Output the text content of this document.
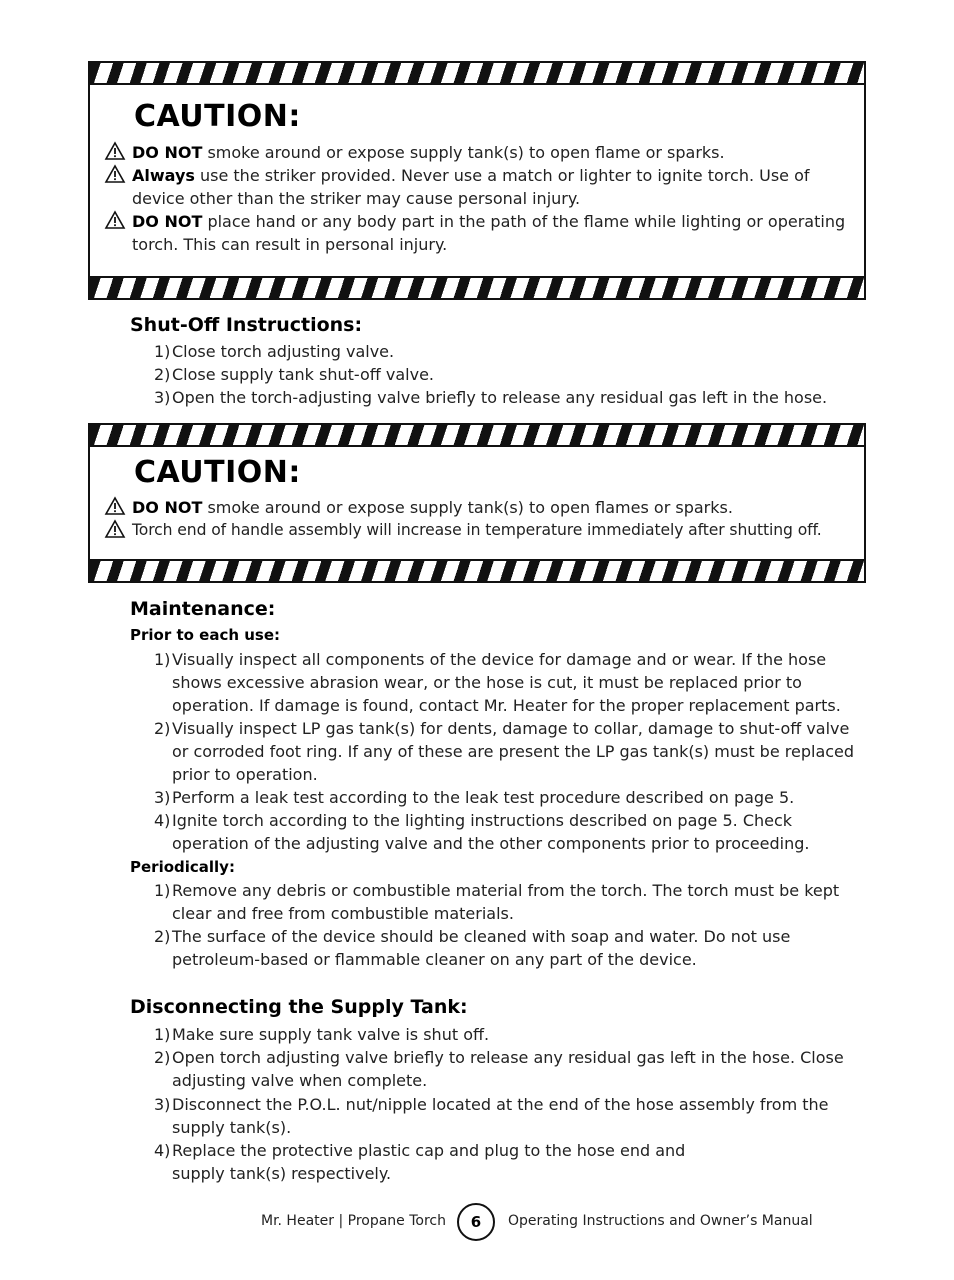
CAUTION:
DO NOT smoke around or expose supply tank(s) to open flame or sparks.
Always use the striker provided. Never use a match or lighter to ignite torch. Use of device other than the striker may cause personal injury.
DO NOT place hand or any body part in the path of the flame while lighting or operating torch. This can result in personal injury.
Shut-Off Instructions:
1) Close torch adjusting valve.
2) Close supply tank shut-off valve.
3) Open the torch-adjusting valve briefly to release any residual gas left in the hose.
CAUTION:
DO NOT smoke around or expose supply tank(s) to open flames or sparks.
Torch end of handle assembly will increase in temperature immediately after shutting off.
Maintenance:
Prior to each use:
1) Visually inspect all components of the device for damage and or wear. If the hose shows excessive abrasion wear, or the hose is cut, it must be replaced prior to operation. If damage is found, contact Mr. Heater for the proper replacement parts.
2) Visually inspect LP gas tank(s) for dents, damage to collar, damage to shut-off valve or corroded foot ring. If any of these are present the LP gas tank(s) must be replaced prior to operation.
3) Perform a leak test according to the leak test procedure described on page 5.
4) Ignite torch according to the lighting instructions described on page 5. Check operation of the adjusting valve and the other components prior to proceeding.
Periodically:
1) Remove any debris or combustible material from the torch. The torch must be kept clear and free from combustible materials.
2) The surface of the device should be cleaned with soap and water. Do not use petroleum-based or flammable cleaner on any part of the device.
Disconnecting the Supply Tank:
1) Make sure supply tank valve is shut off.
2) Open torch adjusting valve briefly to release any residual gas left in the hose. Close adjusting valve when complete.
3) Disconnect the P.O.L. nut/nipple located at the end of the hose assembly from the supply tank(s).
4) Replace the protective plastic cap and plug to the hose end and supply tank(s) respectively.
Mr. Heater | Propane Torch	6	Operating Instructions and Owner’s Manual
